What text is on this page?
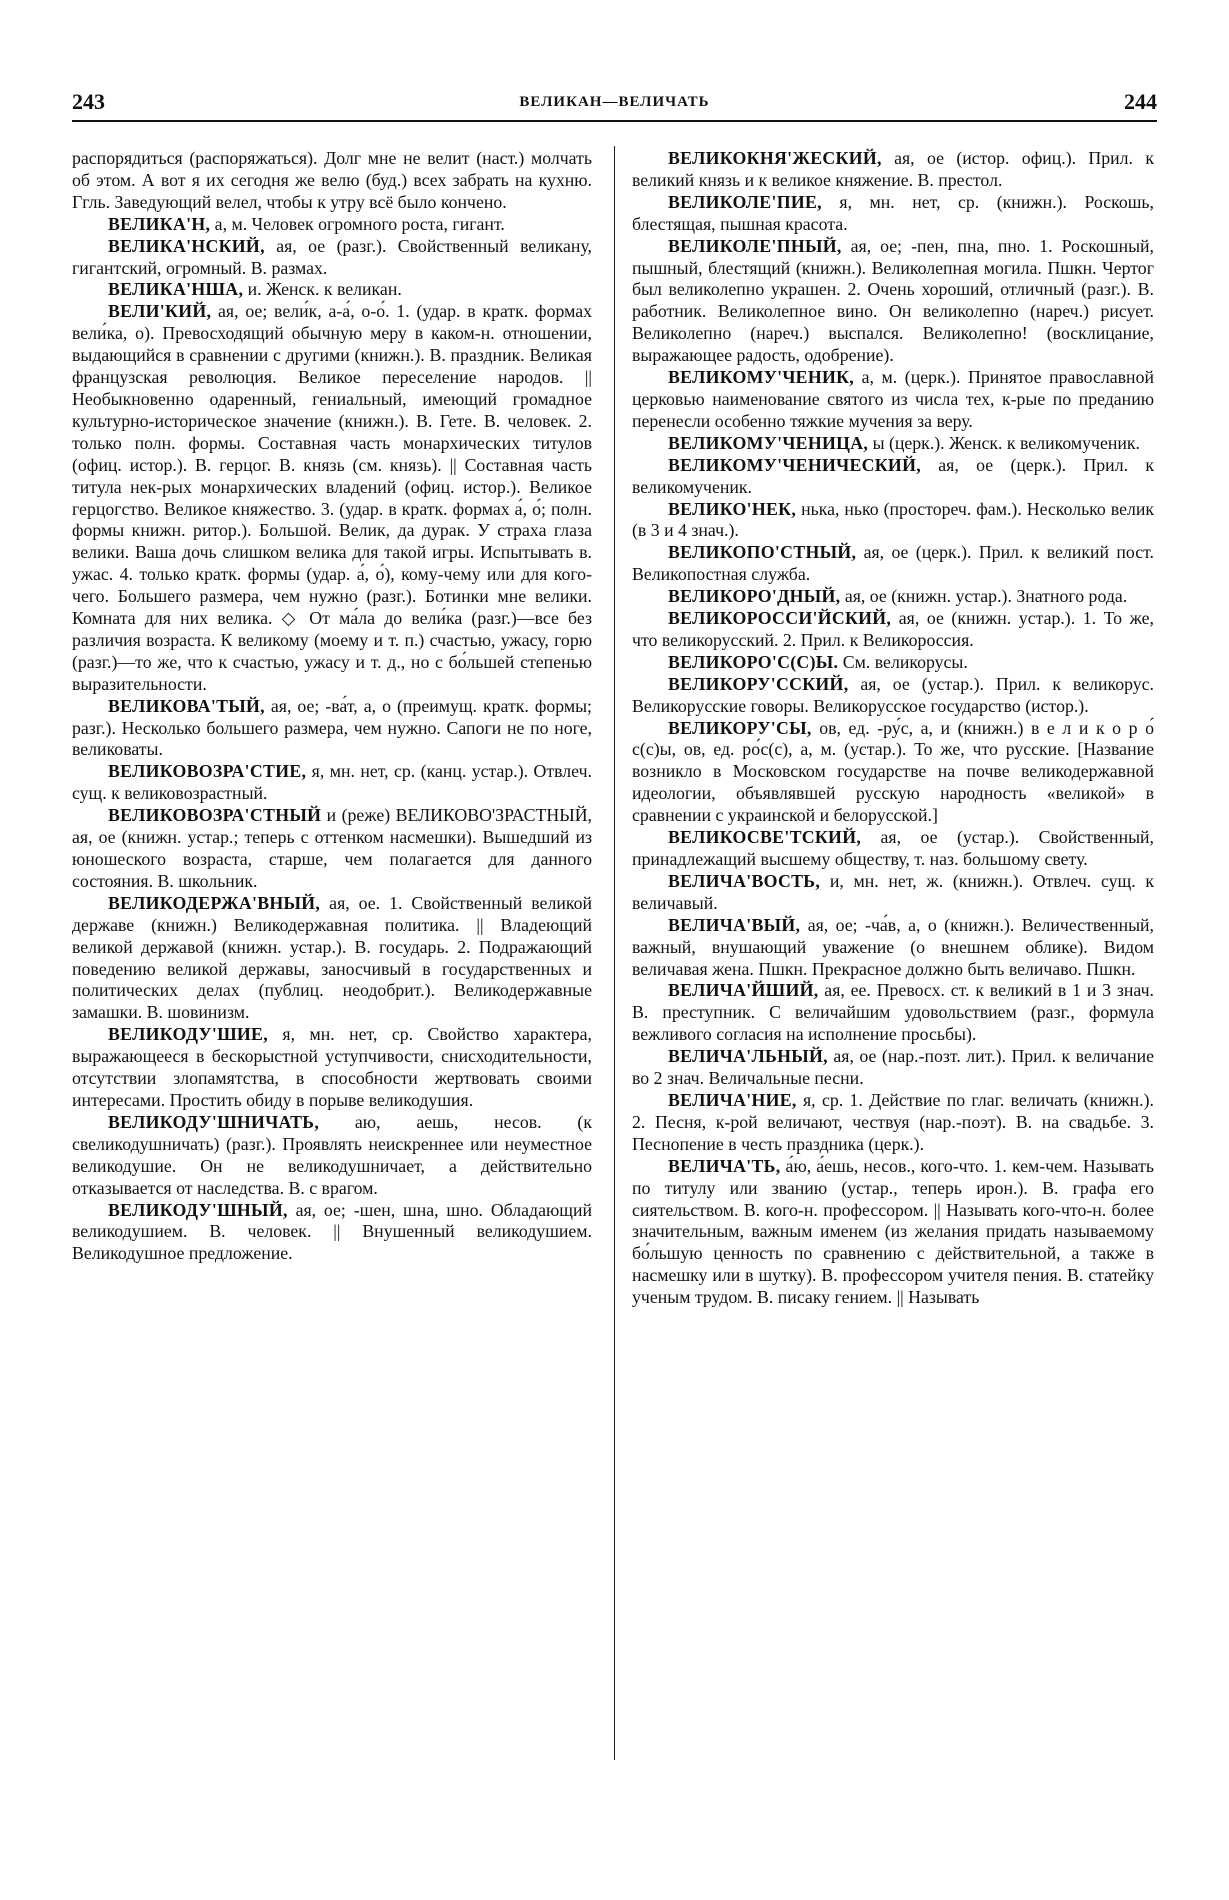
243	ВЕЛИКАН—ВЕЛИЧАТЬ	244

распорядиться (распоряжаться). Долг мне не велит (наст.) молчать об этом. А вот я их сегодня же велю (буд.) всех забрать на кухню. Ггль. Заведующий велел, чтобы к утру всё было кончено.

ВЕЛИКА'Н, а, м. Человек огромного роста, гигант.

ВЕЛИКА'НСКИЙ, ая, ое (разг.). Свойственный великану, гигантский, огромный. В. размах.

ВЕЛИКА'НША, и. Женск. к великан.

ВЕЛИ'КИЙ, ая, ое; вели́к, а-а́, о-о́. 1. (удар. в кратк. формах вели́ка, о). Превосходящий обычную меру в каком-н. отношении, выдающийся в сравнении с другими (книжн.). В. праздник. Великая французская революция. Великое переселение народов. || Необыкновенно одаренный, гениальный, имеющий громадное культурно-историческое значение (книжн.). В. Гете. В. человек. 2. только полн. формы. Составная часть монархических титулов (офиц. истор.). В. герцог. В. князь (см. князь). || Составная часть титула нек-рых монархических владений (офиц. истор.). Великое герцогство. Великое княжество. 3. (удар. в кратк. формах а́, о́; полн. формы книжн. ритор.). Большой. Велик, да дурак. У страха глаза велики. Ваша дочь слишком велика для такой игры. Испытывать в. ужас. 4. только кратк. формы (удар. а́, о́), кому-чему или для кого-чего. Большего размера, чем нужно (разг.). Ботинки мне велики. Комната для них велика. ◇ От ма́ла до вели́ка (разг.)—все без различия возраста. К великому (моему и т. п.) счастью, ужасу, горю (разг.)—то же, что к счастью, ужасу и т. д., но с бо́льшей степенью выразительности.

ВЕЛИКОВА'ТЫЙ, ая, ое; -ва́т, а, о (преимущ. кратк. формы; разг.). Несколько большего размера, чем нужно. Сапоги не по ноге, великоваты.

ВЕЛИКОВОЗРА'СТИЕ, я, мн. нет, ср. (канц. устар.). Отвлеч. сущ. к великовозрастный.

ВЕЛИКОВОЗРА'СТНЫЙ и (реже) ВЕЛИКОВО'ЗРАСТНЫЙ, ая, ое (книжн. устар.; теперь с оттенком насмешки). Вышедший из юношеского возраста, старше, чем полагается для данного состояния. В. школьник.

ВЕЛИКОДЕРЖА'ВНЫЙ, ая, ое. 1. Свойственный великой державе (книжн.) Великодержавная политика. || Владеющий великой державой (книжн. устар.). В. государь. 2. Подражающий поведению великой державы, заносчивый в государственных и политических делах (публиц. неодобрит.). Великодержавные замашки. В. шовинизм.

ВЕЛИКОДУ'ШИЕ, я, мн. нет, ср. Свойство характера, выражающееся в бескорыстной уступчивости, снисходительности, отсутствии злопамятства, в способности жертвовать своими интересами. Простить обиду в порыве великодушия.

ВЕЛИКОДУ'ШНИЧАТЬ, аю, аешь, несов. (к свеликодушничать) (разг.). Проявлять неискреннее или неуместное великодушие. Он не великодушничает, а действительно отказывается от наследства. В. с врагом.

ВЕЛИКОДУ'ШНЫЙ, ая, ое; -шен, шна, шно. Обладающий великодушием. В. человек. || Внушенный великодушием. Великодушное предложение.

ВЕЛИКОКНЯ'ЖЕСКИЙ, ая, ое (истор. офиц.). Прил. к великий князь и к великое княжение. В. престол.

ВЕЛИКОЛЕ'ПИЕ, я, мн. нет, ср. (книжн.). Роскошь, блестящая, пышная красота.

ВЕЛИКОЛЕ'ПНЫЙ, ая, ое; -пен, пна, пно. 1. Роскошный, пышный, блестящий (книжн.). Великолепная могила. Пшкн. Чертог был великолепно украшен. 2. Очень хороший, отличный (разг.). В. работник. Великолепное вино. Он великолепно (нареч.) рисует. Великолепно (нареч.) выспался. Великолепно! (восклицание, выражающее радость, одобрение).

ВЕЛИКОМУ'ЧЕНИК, а, м. (церк.). Принятое православной церковью наименование святого из числа тех, к-рые по преданию перенесли особенно тяжкие мучения за веру.

ВЕЛИКОМУ'ЧЕНИЦА, ы (церк.). Женск. к великомученик.

ВЕЛИКОМУ'ЧЕНИЧЕСКИЙ, ая, ое (церк.). Прил. к великомученик.

ВЕЛИКО'НЕК, нька, нько (простореч. фам.). Несколько велик (в 3 и 4 знач.).

ВЕЛИКОПО'СТНЫЙ, ая, ое (церк.). Прил. к великий пост. Великопостная служба.

ВЕЛИКОРО'ДНЫЙ, ая, ое (книжн. устар.). Знатного рода.

ВЕЛИКОРОССИ'ЙСКИЙ, ая, ое (книжн. устар.). 1. То же, что великорусский. 2. Прил. к Великороссия.

ВЕЛИКОРО'С(С)Ы. См. великорусы.

ВЕЛИКОРУ'ССКИЙ, ая, ое (устар.). Прил. к великорус. Великорусские говоры. Великорусское государство (истор.).

ВЕЛИКОРУ'СЫ, ов, ед. -ру́с, а, и (книжн.) в е л и к о р о́ с(с)ы, ов, ед. ро́с(с), а, м. (устар.). То же, что русские. [Название возникло в Московском государстве на почве великодержавной идеологии, объявлявшей русскую народность «великой» в сравнении с украинской и белорусской.]

ВЕЛИКОСВЕ'ТСКИЙ, ая, ое (устар.). Свойственный, принадлежащий высшему обществу, т. наз. большому свету.

ВЕЛИЧА'ВОСТЬ, и, мн. нет, ж. (книжн.). Отвлеч. сущ. к величавый.

ВЕЛИЧА'ВЫЙ, ая, ое; -ча́в, а, о (книжн.). Величественный, важный, внушающий уважение (о внешнем облике). Видом величавая жена. Пшкн. Прекрасное должно быть величаво. Пшкн.

ВЕЛИЧА'ЙШИЙ, ая, ее. Превосх. ст. к великий в 1 и 3 знач. В. преступник. С величайшим удовольствием (разг., формула вежливого согласия на исполнение просьбы).

ВЕЛИЧА'ЛЬНЫЙ, ая, ое (нар.-позт. лит.). Прил. к величание во 2 знач. Величальные песни.

ВЕЛИЧА'НИЕ, я, ср. 1. Действие по глаг. величать (книжн.). 2. Песня, к-рой величают, чествуя (нар.-поэт). В. на свадьбе. 3. Песнопение в честь праздника (церк.).

ВЕЛИЧА'ТЬ, а́ю, а́ешь, несов., кого-что. 1. кем-чем. Называть по титулу или званию (устар., теперь ирон.). В. графа его сиятельством. В. кого-н. профессором. || Называть кого-что-н. более значительным, важным именем (из желания придать называемому бо́льшую ценность по сравнению с действительной, а также в насмешку или в шутку). В. профессором учителя пения. В. статейку ученым трудом. В. писаку гением. || Называть
